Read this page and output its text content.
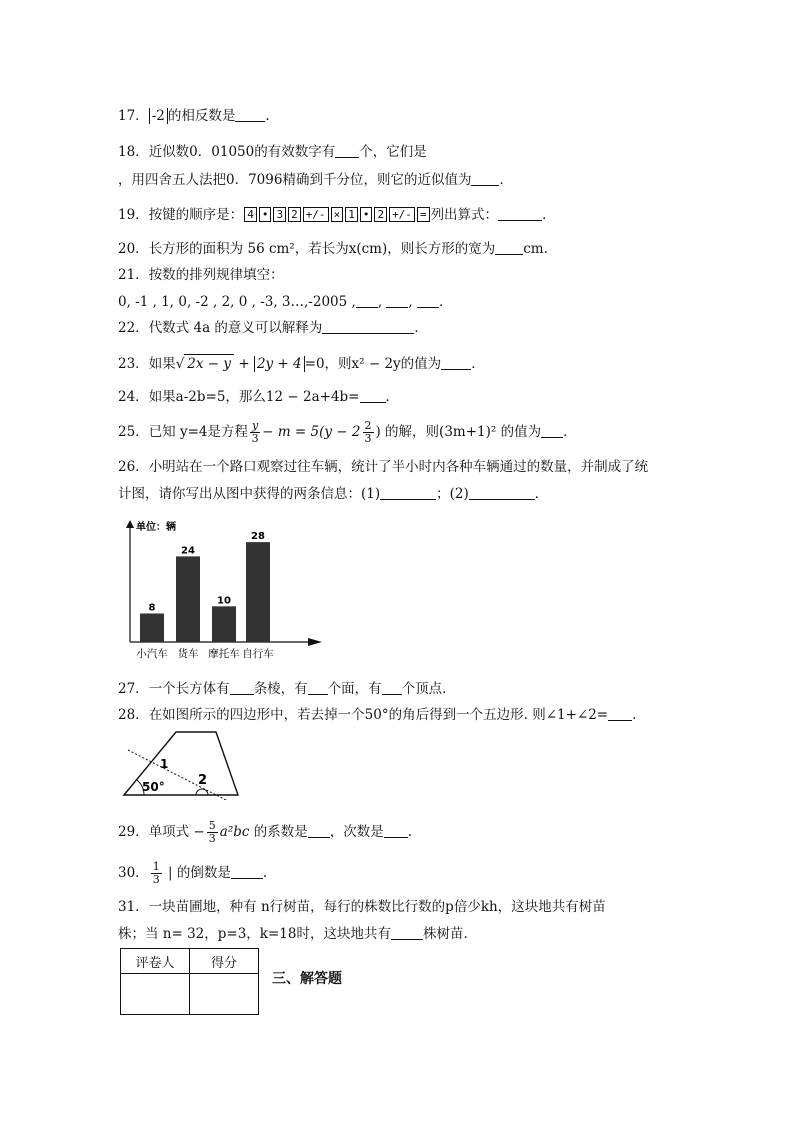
17． -2 的相反数是 .
18．近似数0．01050的有效数字有 个，它们是
，用四舍五人法把0．7096精确到千分位，则它的近似值为 ．
19．按键的顺序是： 4 • 3 2 +/- × 1 • 2 +/- = 列出算式：	．
20．长方形的面积为 56 cm²，若长为x(cm)，则长方形的宽为 cm.
21．按数的排列规律填空：
0, -1 , 1, 0, -2 , 2, 0 , -3, 3…,-2005 , , , ．
22．代数式 4a 的意义可以解释为	．
23．如果√ 2x − y + 2y + 4 =0，则x² − 2y的值为 ．
24．如果a-2b=5，那么12 − 2a+4b= ．
25．已知 y=4是方程 $\frac{y}{3} - m = 5(y - 2 \frac{2}{3}$ ) 的解，则(3m+1)² 的值为 ．
26．小明站在一个路口观察过往车辆，统计了半小时内各种车辆通过的数量，并制成了统
计图，请你写出从图中获得的两条信息：(1)	；(2)	．
单位：辆
8
小汽车
24
货车
10
摩托车
28
自行车
27．一个长方体有 条棱，有 个面，有 个顶点．
28．在如图所示的四边形中，若去掉一个50°的角后得到一个五边形. 则∠1+∠2= .
1
2
50°
29．单项式 − $\frac{5}{3} a^2bc$ 的系数是 ，次数是 .
30． $\frac{1}{3}$ | 的倒数是 ．
31．一块苗圃地，种有 n行树苗，每行的株数比行数的p倍少kh，这块地共有树苗
株；当 n= 32，p=3，k=18时，这块地共有 株树苗.
评卷人	得分

三、解答题
